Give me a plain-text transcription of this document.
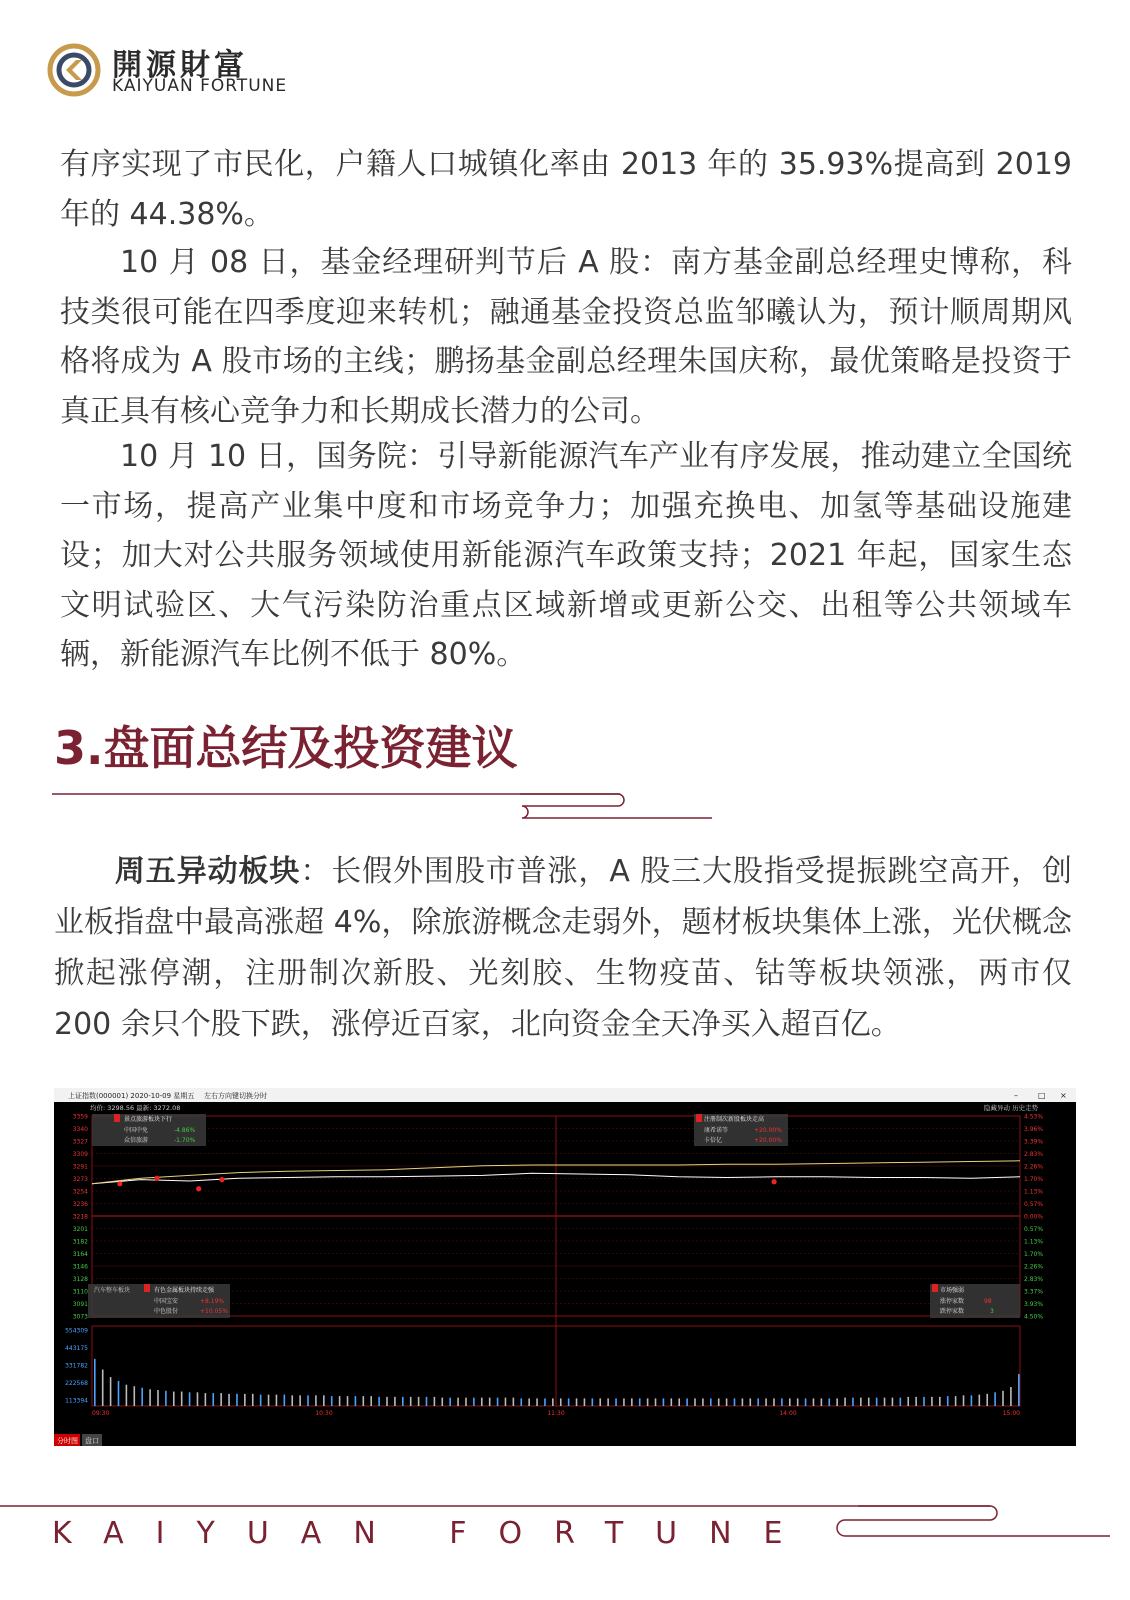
開源財富
KAIYUAN FORTUNE

有序实现了市民化，户籍人口城镇化率由 2013 年的 35.93%提高到 2019 年的 44.38%。

10 月 08 日，基金经理研判节后 A 股：南方基金副总经理史博称，科技类很可能在四季度迎来转机；融通基金投资总监邹曦认为，预计顺周期风格将成为 A 股市场的主线；鹏扬基金副总经理朱国庆称，最优策略是投资于真正具有核心竞争力和长期成长潜力的公司。

10 月 10 日，国务院：引导新能源汽车产业有序发展，推动建立全国统一市场，提高产业集中度和市场竞争力；加强充换电、加氢等基础设施建设；加大对公共服务领域使用新能源汽车政策支持；2021 年起，国家生态文明试验区、大气污染防治重点区域新增或更新公交、出租等公共领域车辆，新能源汽车比例不低于 80%。

3.盘面总结及投资建议

周五异动板块：长假外围股市普涨，A 股三大股指受提振跳空高开，创业板指盘中最高涨超 4%，除旅游概念走弱外，题材板块集体上涨，光伏概念掀起涨停潮，注册制次新股、光刻胶、生物疫苗、钴等板块领涨，两市仅 200 余只个股下跌，涨停近百家，北向资金全天净买入超百亿。

上证指数(000001) 2020-10-09 星期五 左右方向键切换分时	–	□ ×
均价: 3298.56 最新: 3272.08	隐藏异动 历史走势
3359
3340
3327
3309
3291
3273
3254
3236
3218
3201
3182
3164
3146
3128
3110
3091
3073
4.53%
3.96%
3.39%
2.83%
2.26%
1.70%
1.13%
0.57%
0.00%
0.57%
1.13%
1.70%
2.26%
2.83%
3.37%
3.93%
4.50%
554309
443175
331782
222568
113394
09:30	10:30	11:30	14:00	15:00
景点旅游板块下行
中国中免	-4.86%
众信旅游	-1.70%
注册制次新股板块走高
康希诺等	+20.00%
卡倍亿	+20.00%
汽车整车板块	有色金属板块持续走强
中国宝安	+8.19%
中色股份	+10.05%
市场强弱
涨停家数	98
跌停家数	3
分时图 盘口
KAIYUAN FORTUNE
